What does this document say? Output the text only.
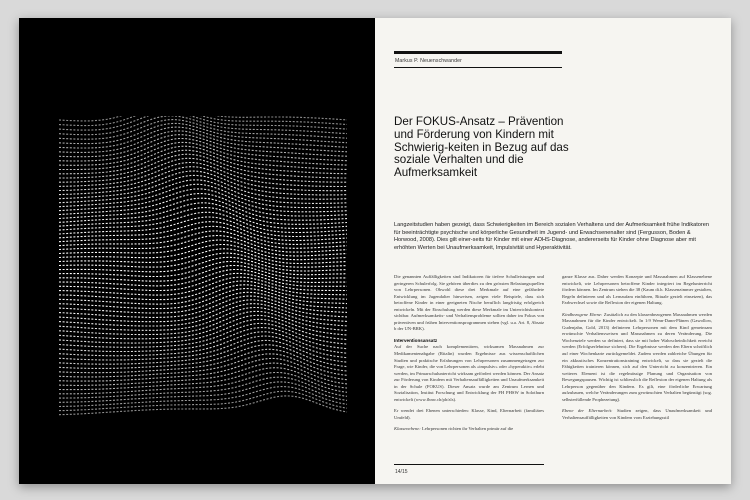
Markus P. Neuenschwander
Der FOKUS-Ansatz – Prävention und Förderung von Kindern mit Schwierig-keiten in Bezug auf das soziale Verhalten und die Aufmerksamkeit

Langzeitstudien haben gezeigt, dass Schwierigkeiten im Bereich sozialen Verhaltens und der Aufmerksamkeit frühe Indikatoren für beeinträchtigte psychische und körperliche Gesundheit im Jugend- und Erwachsenenalter sind (Fergusson, Boden & Horwood, 2008). Dies gilt einer-seits für Kinder mit einer ADHS-Diagnose, andererseits für Kinder ohne Diagnose aber mit erhöhten Werten bei Unaufmerksamkeit, Impulsivität und Hyperaktivität.

Die genannten Auffälligkeiten sind Indikatoren für tiefere Schulleistungen und geringeren Schulerfolg. Sie gehören überdies zu den grössten Belastungsquellen von Lehrpersonen. Obwohl diese drei Merkmale auf eine gefährdete Entwicklung im Jugendalter hinweisen, zeigen viele Beispiele, dass sich betroffene Kinder in einer geeigneten Nische beruflich langfristig erfolgreich entwickeln. Mit der Einschulung werden diese Merkmale im Unterrichtskontext sichtbar. Aufmerksamkeits- und Verhaltensprobleme sollten daher im Fokus von präventiven und frühen Interventionsprogrammen stehen (vgl. u.a. Art. 8, Absatz b der UN-BRK).

Interventionsansatz
Auf der Suche nach komplementären, wirksamen Massnahmen zur Medikamentenabgabe (Ritalin) wurden Ergebnisse aus wissenschaftlichen Studien und praktische Erfahrungen von Lehrpersonen zusammengetragen zur Frage, wie Kinder, die von Lehrpersonen als «impulsiv» oder «hyperaktiv» erlebt werden, im Primarschulunterricht wirksam gefördert werden können. Der Ansatz zur Förderung von Kindern mit Verhaltensauffälligkeiten und Unaufmerksamkeit in der Schule (FOKUS). Dieser Ansatz wurde am Zentrum Lernen und Sozialisation, Institut Forschung und Entwicklung der FH PHSW in Solothurn entwickelt (www.fhnw.ch/ph/zls).

Er wendet drei Ebenen unterschieden: Klasse, Kind, Elternarbeit (familiäres Umfeld).

Klassenebene: Lehrpersonen richten ihr Verhalten primär auf die

ganze Klasse aus. Daher werden Konzepte und Massnahmen auf Klassenebene entwickelt, wie Lehrpersonen betroffene Kinder integriert im Regelunterricht fördern können. Im Zentrum stehen die 38 (Kaum di.h. Klassenzimmer gestalten, Regeln definieren und als Lernaufam einführen, Rituale gezielt einsetzen), das Farbwechsel sowie die Reflexion der eigenen Haltung.

Kindbezogene Ebene: Zusätzlich zu den klassenbezogenen Massnahmen werden Massnahmen für die Kinder entwickelt. In 1:9 Wenn-Dann-Plänen (Gawollow, Gudenjahn, Gold, 2013) definieren Lehrpersonen mit dem Kind gemeinsam erwünschte Verhaltensweisen und Massnahmen zu deren Veränderung. Die Wochenziele werden so definiert, dass sie mit hoher Wahrscheinlichkeit erreicht werden (Erfolgserlebnisse sichern). Die Ergebnisse werden den Eltern schriftlich auf einer Wochenkarte zurückgemeldet. Zudem werden zahlreiche Übungen für ein akkustisches Konzentrationstraining entwickelt, so dass sie gezielt die Fähigkeiten trainieren können, sich auf den Unterricht zu konzentrieren. Ein weiteres Element ist die regelmässige Planung und Organisation von Bewegungspausen. Wichtig ist schliesslich die Reflexion der eigenen Haltung als Lehrperson gegenüber den Kindern. Es gilt, eine förderliche Erwartung aufzubauen, welche Veränderungen zum gewünschten Verhalten begünstigt (sog. selbsterfüllende Prophezeiung).

Ebene der Elternarbeit: Studien zeigen, dass Unaufmerksamkeit und Verhaltensauffälligkeiten von Kindern vom Erziehungsstil

14/15
